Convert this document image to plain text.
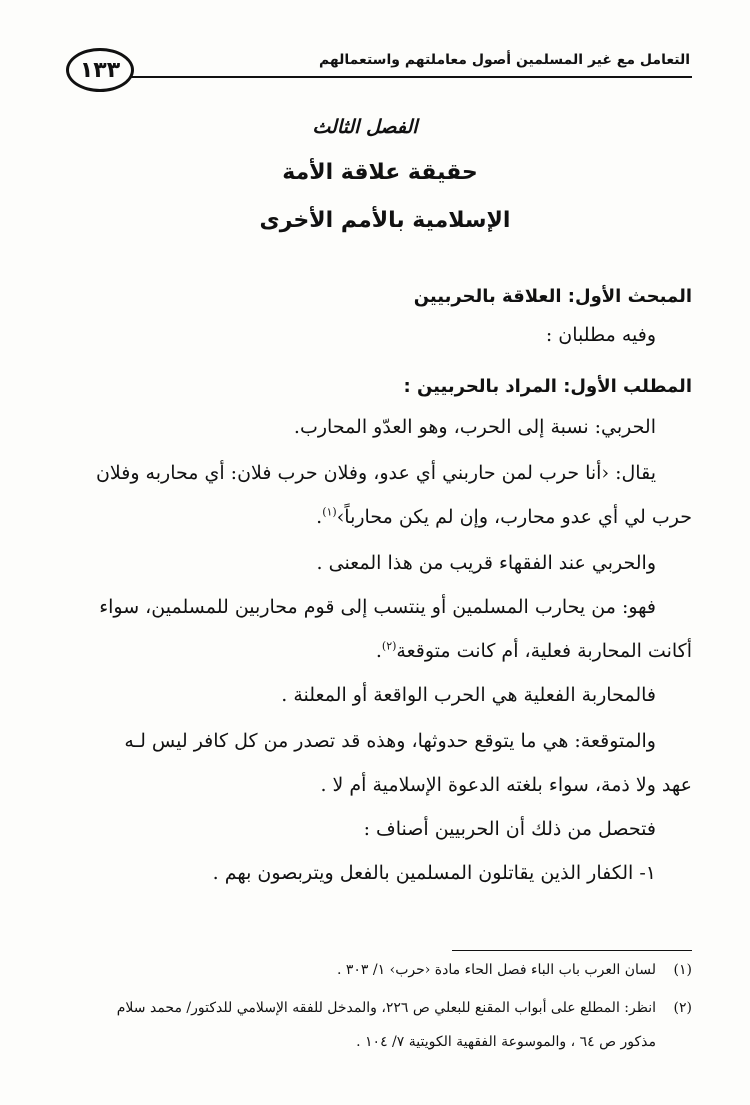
التعامل مع غير المسلمين أصول معاملتهم واستعمالهم
١٣٣
الفصل الثالث
حقيقة علاقة الأمة
الإسلامية بالأمم الأخرى
المبحث الأول: العلاقة بالحربيين
وفيه مطلبان :
المطلب الأول: المراد بالحربيين :
الحربي: نسبة إلى الحرب، وهو العدّو المحارب.
يقال: ‹أنا حرب لمن حاربني أي عدو، وفلان حرب فلان: أي محاربه وفلان
حرب لي أي عدو محارب، وإن لم يكن محارباً›$^{(١)}$.
والحربي عند الفقهاء قريب من هذا المعنى .
فهو: من يحارب المسلمين أو ينتسب إلى قوم محاربين للمسلمين، سواء
أكانت المحاربة فعلية، أم كانت متوقعة$^{(٢)}$.
فالمحاربة الفعلية هي الحرب الواقعة أو المعلنة .
والمتوقعة: هي ما يتوقع حدوثها، وهذه قد تصدر من كل كافر ليس لـه
عهد ولا ذمة، سواء بلغته الدعوة الإسلامية أم لا .
فتحصل من ذلك أن الحربيين أصناف :
١- الكفار الذين يقاتلون المسلمين بالفعل ويتربصون بهم .
(١)لسان العرب باب الباء فصل الحاء مادة ‹حرب› ١/ ٣٠٣ .
(٢)انظر: المطلع على أبواب المقنع للبعلي ص ٢٢٦، والمدخل للفقه الإسلامي للدكتور/ محمد سلام
مذكور ص ٦٤ ، والموسوعة الفقهية الكويتية ٧/ ١٠٤ .
